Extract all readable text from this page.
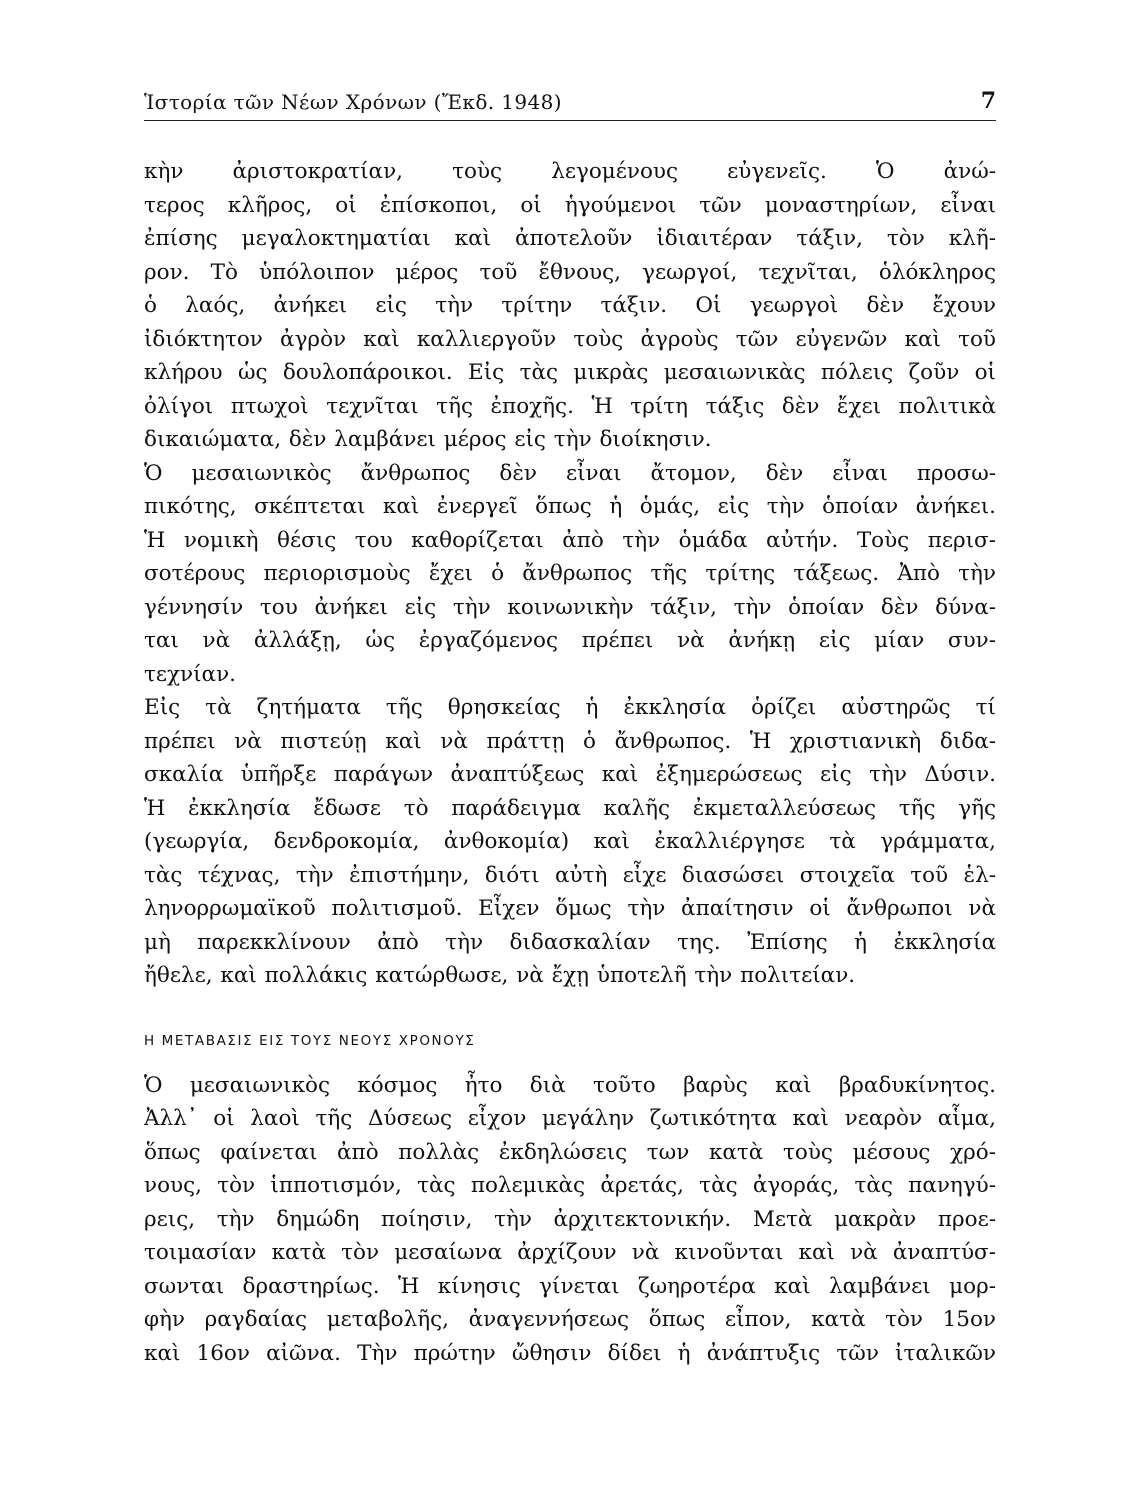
Ἱστορία τῶν Νέων Χρόνων (Ἔκδ. 1948)	7
κὴν ἀριστοκρατίαν, τοὺς λεγομένους εὐγενεῖς. Ὁ ἀνώ-
τερος κλῆρος, οἱ ἐπίσκοποι, οἱ ἡγούμενοι τῶν μοναστηρίων, εἶναι
ἐπίσης μεγαλοκτηματίαι καὶ ἀποτελοῦν ἰδιαιτέραν τάξιν, τὸν κλῆ-
ρον. Τὸ ὑπόλοιπον μέρος τοῦ ἔθνους, γεωργοί, τεχνῖται, ὁλόκληρος
ὁ λαός, ἀνήκει εἰς τὴν τρίτην τάξιν. Οἱ γεωργοὶ δὲν ἔχουν
ἰδιόκτητον ἀγρὸν καὶ καλλιεργοῦν τοὺς ἀγροὺς τῶν εὐγενῶν καὶ τοῦ
κλήρου ὡς δουλοπάροικοι. Εἰς τὰς μικρὰς μεσαιωνικὰς πόλεις ζοῦν οἱ
ὀλίγοι πτωχοὶ τεχνῖται τῆς ἐποχῆς. Ἡ τρίτη τάξις δὲν ἔχει πολιτικὰ
δικαιώματα, δὲν λαμβάνει μέρος εἰς τὴν διοίκησιν.
Ὁ μεσαιωνικὸς ἄνθρωπος δὲν εἶναι ἄτομον, δὲν εἶναι προσω-
πικότης, σκέπτεται καὶ ἐνεργεῖ ὅπως ἡ ὁμάς, εἰς τὴν ὁποίαν ἀνήκει.
Ἡ νομικὴ θέσις του καθορίζεται ἀπὸ τὴν ὁμάδα αὐτήν. Τοὺς περισ-
σοτέρους περιορισμοὺς ἔχει ὁ ἄνθρωπος τῆς τρίτης τάξεως. Ἀπὸ τὴν
γέννησίν του ἀνήκει εἰς τὴν κοινωνικὴν τάξιν, τὴν ὁποίαν δὲν δύνα-
ται νὰ ἀλλάξῃ, ὡς ἐργαζόμενος πρέπει νὰ ἀνήκῃ εἰς μίαν συν-
τεχνίαν.
Εἰς τὰ ζητήματα τῆς θρησκείας ἡ ἐκκλησία ὁρίζει αὐστηρῶς τί
πρέπει νὰ πιστεύῃ καὶ νὰ πράττῃ ὁ ἄνθρωπος. Ἡ χριστιανικὴ διδα-
σκαλία ὑπῆρξε παράγων ἀναπτύξεως καὶ ἐξημερώσεως εἰς τὴν Δύσιν.
Ἡ ἐκκλησία ἔδωσε τὸ παράδειγμα καλῆς ἐκμεταλλεύσεως τῆς γῆς
(γεωργία, δενδροκομία, ἀνθοκομία) καὶ ἐκαλλιέργησε τὰ γράμματα,
τὰς τέχνας, τὴν ἐπιστήμην, διότι αὐτὴ εἶχε διασώσει στοιχεῖα τοῦ ἑλ-
ληνορρωμαϊκοῦ πολιτισμοῦ. Εἶχεν ὅμως τὴν ἀπαίτησιν οἱ ἄνθρωποι νὰ
μὴ παρεκκλίνουν ἀπὸ τὴν διδασκαλίαν της. Ἐπίσης ἡ ἐκκλησία
ἤθελε, καὶ πολλάκις κατώρθωσε, νὰ ἔχῃ ὑποτελῆ τὴν πολιτείαν.
Η ΜΕΤΑΒΑΣΙΣ ΕΙΣ ΤΟΥΣ ΝΕΟΥΣ ΧΡΟΝΟΥΣ
Ὁ μεσαιωνικὸς κόσμος ἦτο διὰ τοῦτο βαρὺς καὶ βραδυκίνητος.
Ἀλλ᾿ οἱ λαοὶ τῆς Δύσεως εἶχον μεγάλην ζωτικότητα καὶ νεαρὸν αἷμα,
ὅπως φαίνεται ἀπὸ πολλὰς ἐκδηλώσεις των κατὰ τοὺς μέσους χρό-
νους, τὸν ἱπποτισμόν, τὰς πολεμικὰς ἀρετάς, τὰς ἀγοράς, τὰς πανηγύ-
ρεις, τὴν δημώδη ποίησιν, τὴν ἀρχιτεκτονικήν. Μετὰ μακρὰν προε-
τοιμασίαν κατὰ τὸν μεσαίωνα ἀρχίζουν νὰ κινοῦνται καὶ νὰ ἀναπτύσ-
σωνται δραστηρίως. Ἡ κίνησις γίνεται ζωηροτέρα καὶ λαμβάνει μορ-
φὴν ραγδαίας μεταβολῆς, ἀναγεννήσεως ὅπως εἶπον, κατὰ τὸν 15ον
καὶ 16ον αἰῶνα. Τὴν πρώτην ὤθησιν δίδει ἡ ἀνάπτυξις τῶν ἰταλικῶν
